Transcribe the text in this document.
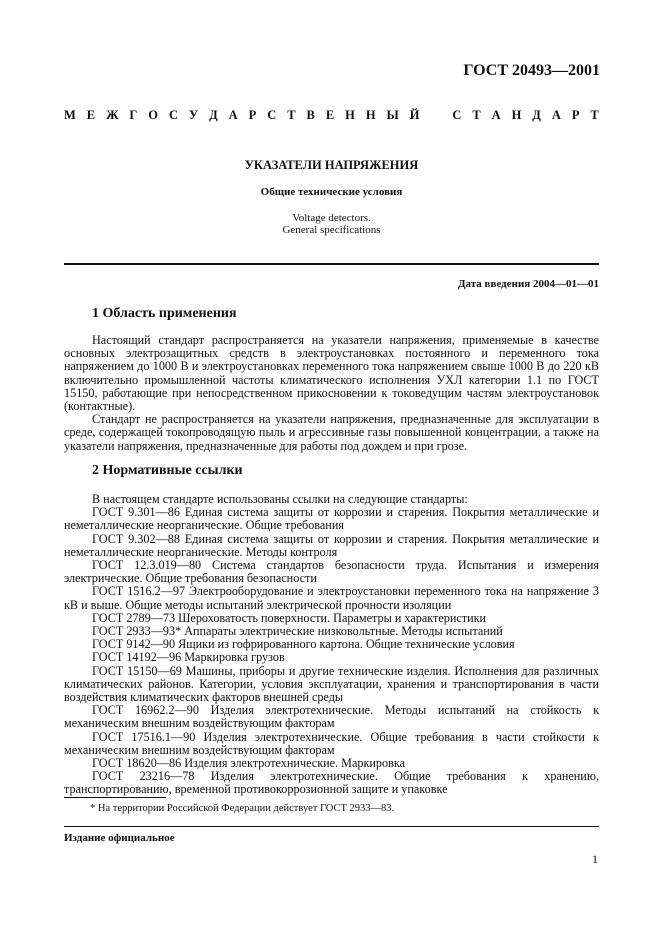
ГОСТ 20493—2001
М Е Ж Г О С У Д А Р С Т В Е Н Н Ы Й	С Т А Н Д А Р Т
УКАЗАТЕЛИ НАПРЯЖЕНИЯ
Общие технические условия
Voltage detectors.
General specifications
Дата введения 2004—01—01
1 Область применения

Настоящий стандарт распространяется на указатели напряжения, применяемые в качестве основных электрозащитных средств в электроустановках постоянного и переменного тока напряжением до 1000 В и электроустановках переменного тока напряжением свыше 1000 В до 220 кВ включительно промышленной частоты климатического исполнения УХЛ категории 1.1 по ГОСТ 15150, работающие при непосредственном прикосновении к токоведущим частям электроустановок (контактные).

Стандарт не распространяется на указатели напряжения, предназначенные для эксплуатации в среде, содержащей токопроводящую пыль и агрессивные газы повышенной концентрации, а также на указатели напряжения, предназначенные для работы под дождем и при грозе.

2 Нормативные ссылки

В настоящем стандарте использованы ссылки на следующие стандарты:

ГОСТ 9.301—86 Единая система защиты от коррозии и старения. Покрытия металлические и неметаллические неорганические. Общие требования

ГОСТ 9.302—88 Единая система защиты от коррозии и старения. Покрытия металлические и неметаллические неорганические. Методы контроля

ГОСТ 12.3.019—80 Система стандартов безопасности труда. Испытания и измерения электрические. Общие требования безопасности

ГОСТ 1516.2—97 Электрооборудование и электроустановки переменного тока на напряжение 3 кВ и выше. Общие методы испытаний электрической прочности изоляции

ГОСТ 2789—73 Шероховатость поверхности. Параметры и характеристики

ГОСТ 2933—93* Аппараты электрические низковольтные. Методы испытаний

ГОСТ 9142—90 Ящики из гофрированного картона. Общие технические условия

ГОСТ 14192—96 Маркировка грузов

ГОСТ 15150—69 Машины, приборы и другие технические изделия. Исполнения для различных климатических районов. Категории, условия эксплуатации, хранения и транспортирования в части воздействия климатических факторов внешней среды

ГОСТ 16962.2—90 Изделия электротехнические. Методы испытаний на стойкость к механическим внешним воздействующим факторам

ГОСТ 17516.1—90 Изделия электротехнические. Общие требования в части стойкости к механическим внешним воздействующим факторам

ГОСТ 18620—86 Изделия электротехнические. Маркировка

ГОСТ 23216—78 Изделия электротехнические. Общие требования к хранению, транспортированию, временной противокоррозионной защите и упаковке

* На территории Российской Федерации действует ГОСТ 2933—83.
Издание официальное
1
